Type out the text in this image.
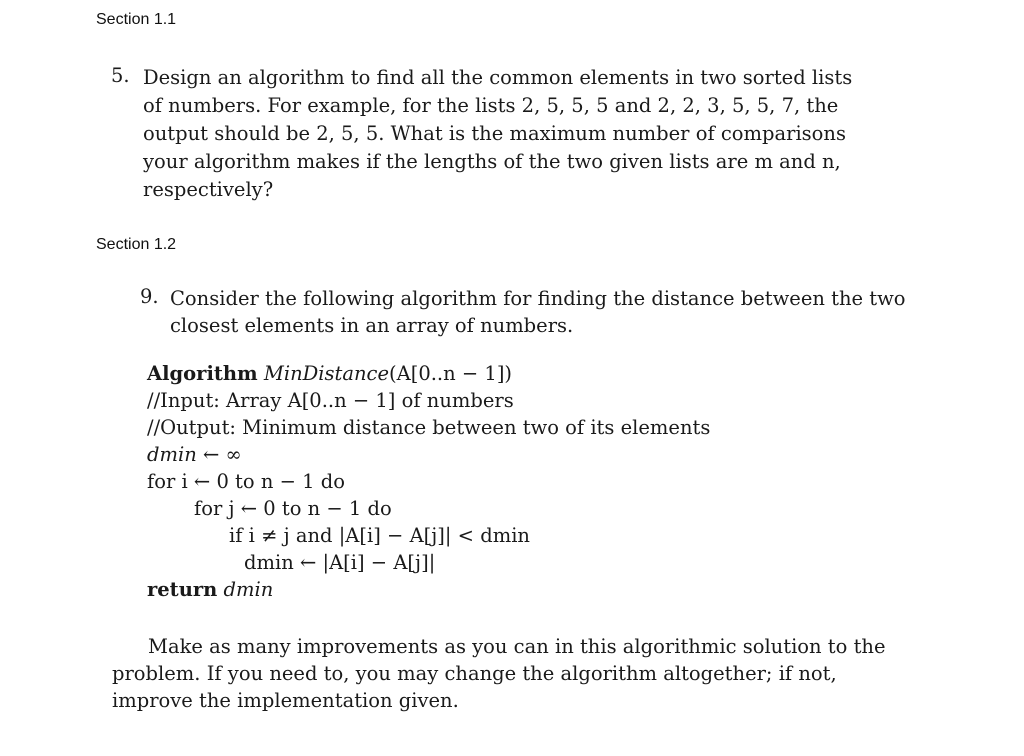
Section 1.1
5. Design an algorithm to find all the common elements in two sorted lists
of numbers. For example, for the lists 2, 5, 5, 5 and 2, 2, 3, 5, 5, 7, the
output should be 2, 5, 5. What is the maximum number of comparisons
your algorithm makes if the lengths of the two given lists are m and n,
respectively?
Section 1.2
9. Consider the following algorithm for finding the distance between the two
closest elements in an array of numbers.
Algorithm MinDistance(A[0..n − 1])
//Input: Array A[0..n − 1] of numbers
//Output: Minimum distance between two of its elements
dmin ← ∞
for i ← 0 to n − 1 do
for j ← 0 to n − 1 do
if i ≠ j and |A[i] − A[j]| < dmin
dmin ← |A[i] − A[j]|
return dmin
Make as many improvements as you can in this algorithmic solution to the
problem. If you need to, you may change the algorithm altogether; if not,
improve the implementation given.
